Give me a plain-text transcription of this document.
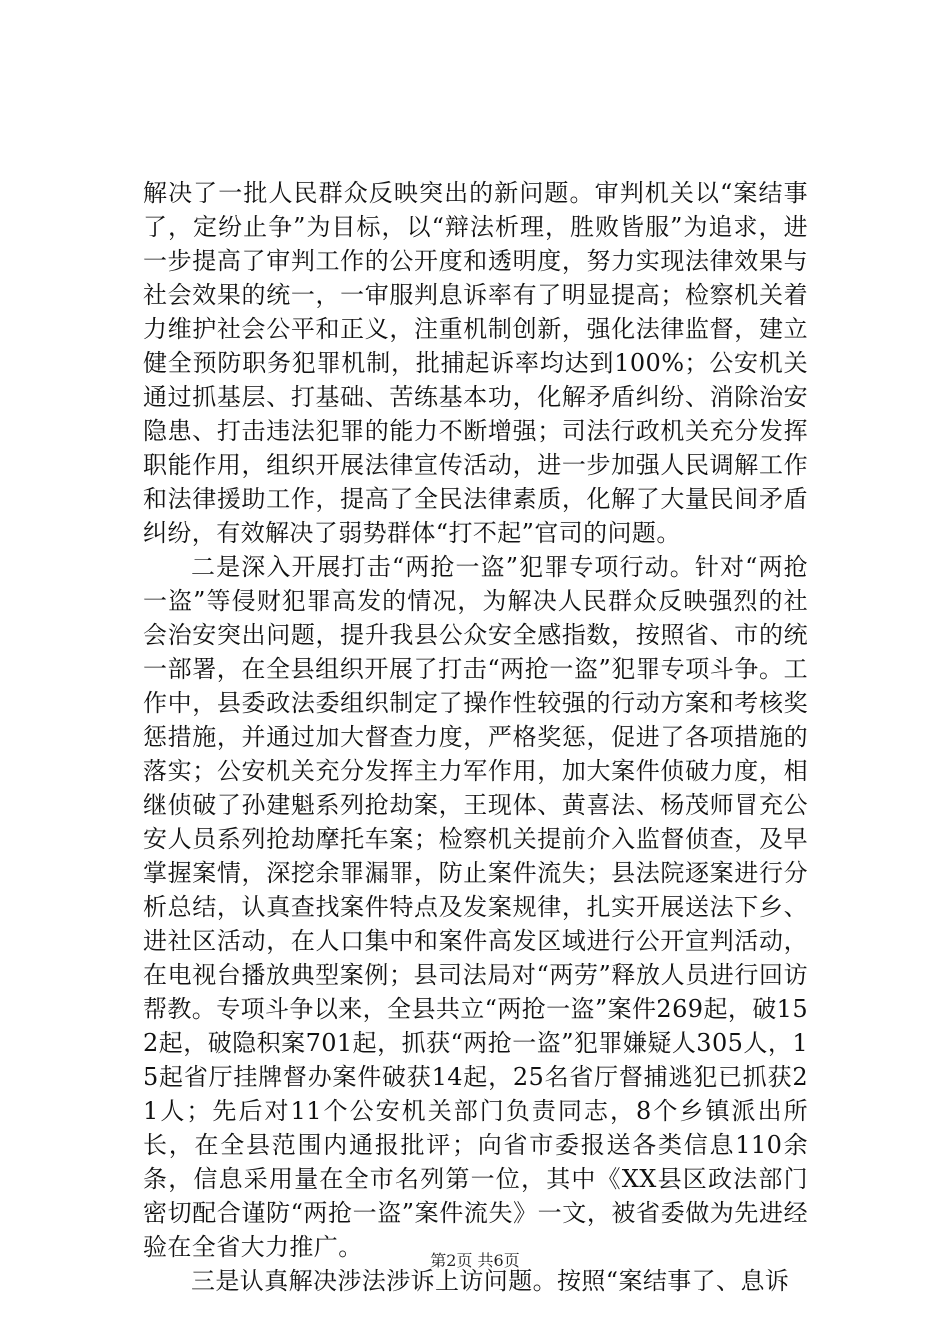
解决了一批人民群众反映突出的新问题。审判机关以“案结事了，定纷止争”为目标，以“辩法析理，胜败皆服”为追求，进一步提高了审判工作的公开度和透明度，努力实现法律效果与社会效果的统一，一审服判息诉率有了明显提高；检察机关着力维护社会公平和正义，注重机制创新，强化法律监督，建立健全预防职务犯罪机制，批捕起诉率均达到100%；公安机关通过抓基层、打基础、苦练基本功，化解矛盾纠纷、消除治安隐患、打击违法犯罪的能力不断增强；司法行政机关充分发挥职能作用，组织开展法律宣传活动，进一步加强人民调解工作和法律援助工作，提高了全民法律素质，化解了大量民间矛盾纠纷，有效解决了弱势群体“打不起”官司的问题。

二是深入开展打击“两抢一盗”犯罪专项行动。针对“两抢一盗”等侵财犯罪高发的情况，为解决人民群众反映强烈的社会治安突出问题，提升我县公众安全感指数，按照省、市的统一部署，在全县组织开展了打击“两抢一盗”犯罪专项斗争。工作中，县委政法委组织制定了操作性较强的行动方案和考核奖惩措施，并通过加大督查力度，严格奖惩，促进了各项措施的落实；公安机关充分发挥主力军作用，加大案件侦破力度，相继侦破了孙建魁系列抢劫案，王现体、黄喜法、杨茂师冒充公安人员系列抢劫摩托车案；检察机关提前介入监督侦查，及早掌握案情，深挖余罪漏罪，防止案件流失；县法院逐案进行分析总结，认真查找案件特点及发案规律，扎实开展送法下乡、进社区活动，在人口集中和案件高发区域进行公开宣判活动，在电视台播放典型案例；县司法局对“两劳”释放人员进行回访帮教。专项斗争以来，全县共立“两抢一盗”案件269起，破152起，破隐积案701起，抓获“两抢一盗”犯罪嫌疑人305人，15起省厅挂牌督办案件破获14起，25名省厅督捕逃犯已抓获21人；先后对11个公安机关部门负责同志，8个乡镇派出所长，在全县范围内通报批评；向省市委报送各类信息110余条，信息采用量在全市名列第一位，其中《XX县区政法部门密切配合谨防“两抢一盗”案件流失》一文，被省委做为先进经验在全省大力推广。

三是认真解决涉法涉诉上访问题。按照“案结事了、息诉

第2页 共6页
